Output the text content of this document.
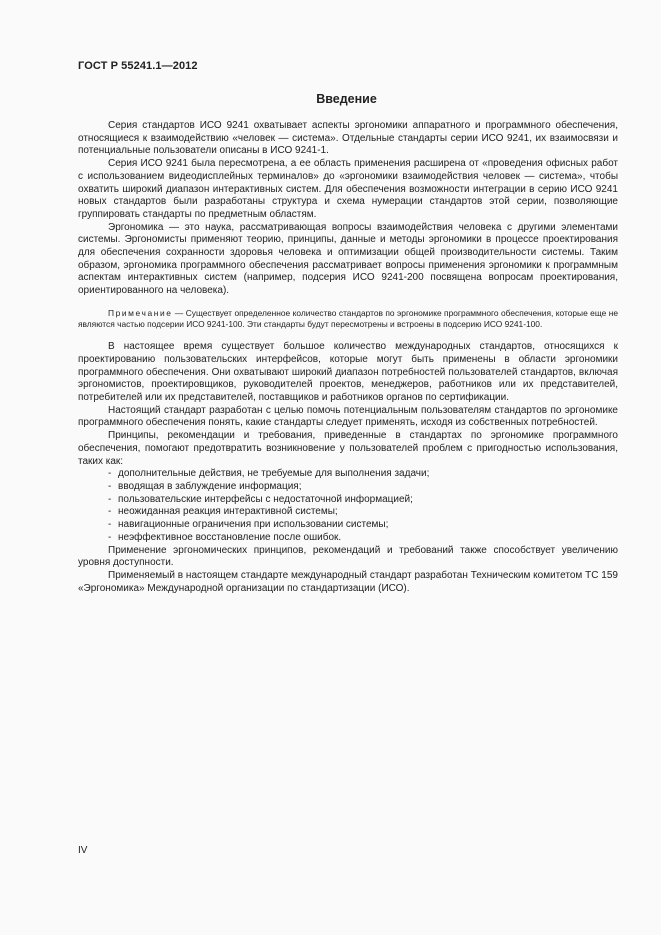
ГОСТ Р 55241.1—2012
Введение

Серия стандартов ИСО 9241 охватывает аспекты эргономики аппаратного и программного обеспечения, относящиеся к взаимодействию «человек — система». Отдельные стандарты серии ИСО 9241, их взаимосвязи и потенциальные пользователи описаны в ИСО 9241-1.

Серия ИСО 9241 была пересмотрена, а ее область применения расширена от «проведения офисных работ с использованием видеодисплейных терминалов» до «эргономики взаимодействия человек — система», чтобы охватить широкий диапазон интерактивных систем. Для обеспечения возможности интеграции в серию ИСО 9241 новых стандартов были разработаны структура и схема нумерации стандартов этой серии, позволяющие группировать стандарты по предметным областям.

Эргономика — это наука, рассматривающая вопросы взаимодействия человека с другими элементами системы. Эргономисты применяют теорию, принципы, данные и методы эргономики в процессе проектирования для обеспечения сохранности здоровья человека и оптимизации общей производительности системы. Таким образом, эргономика программного обеспечения рассматривает вопросы применения эргономики к программным аспектам интерактивных систем (например, подсерия ИСО 9241-200 посвящена вопросам проектирования, ориентированного на человека).

Примечание — Существует определенное количество стандартов по эргономике программного обеспечения, которые еще не являются частью подсерии ИСО 9241-100. Эти стандарты будут пересмотрены и встроены в подсерию ИСО 9241-100.

В настоящее время существует большое количество международных стандартов, относящихся к проектированию пользовательских интерфейсов, которые могут быть применены в области эргономики программного обеспечения. Они охватывают широкий диапазон потребностей пользователей стандартов, включая эргономистов, проектировщиков, руководителей проектов, менеджеров, работников или их представителей, потребителей или их представителей, поставщиков и работников органов по сертификации.

Настоящий стандарт разработан с целью помочь потенциальным пользователям стандартов по эргономике программного обеспечения понять, какие стандарты следует применять, исходя из собственных потребностей.

Принципы, рекомендации и требования, приведенные в стандартах по эргономике программного обеспечения, помогают предотвратить возникновение у пользователей проблем с пригодностью использования, таких как:

- дополнительные действия, не требуемые для выполнения задачи;
- вводящая в заблуждение информация;
- пользовательские интерфейсы с недостаточной информацией;
- неожиданная реакция интерактивной системы;
- навигационные ограничения при использовании системы;
- неэффективное восстановление после ошибок.

Применение эргономических принципов, рекомендаций и требований также способствует увеличению уровня доступности.

Применяемый в настоящем стандарте международный стандарт разработан Техническим комитетом ТС 159 «Эргономика» Международной организации по стандартизации (ИСО).

IV
